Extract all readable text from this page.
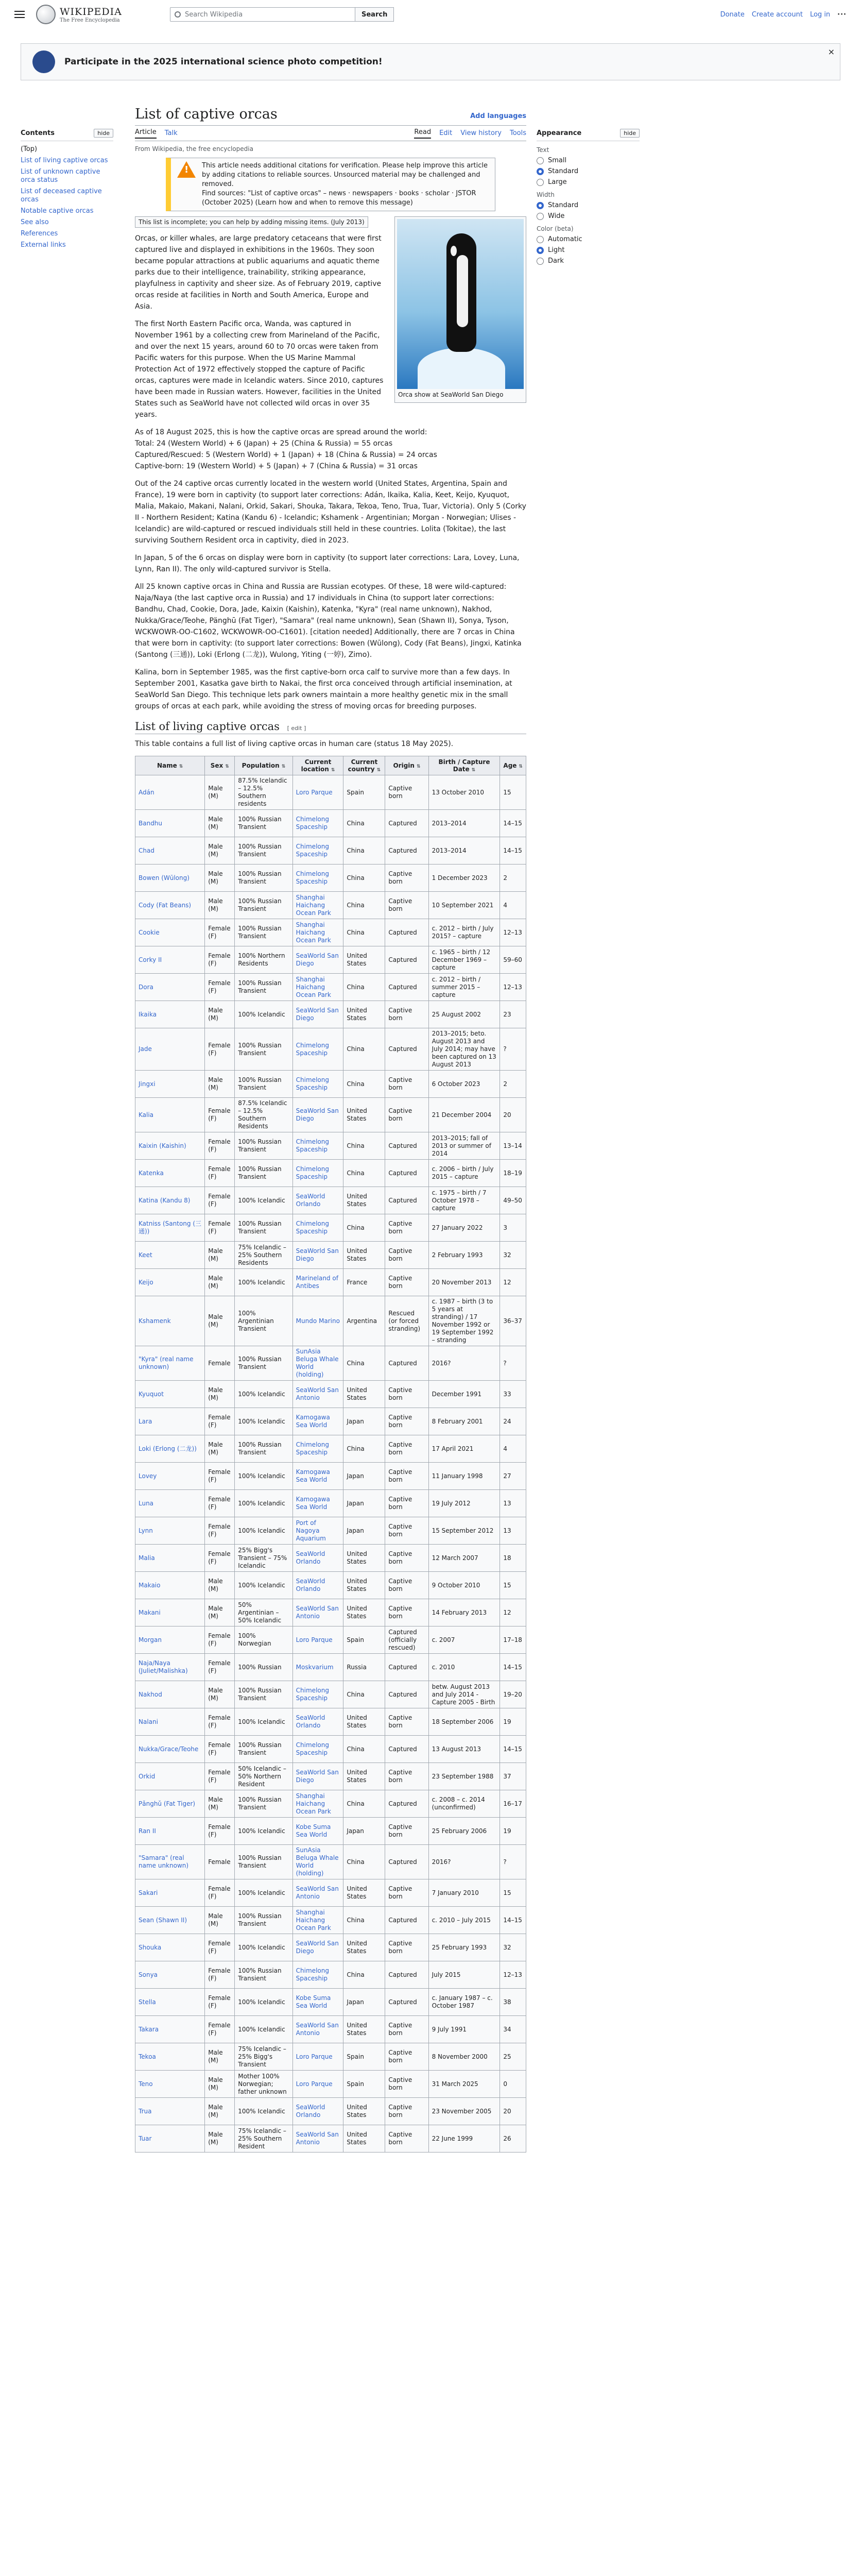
WIKIPEDIA
The Free Encyclopedia
Search Wikipedia	Search	Donate Create account Log in ···
Participate in the 2025 international science photo competition!
×
Contents	hide
(Top)
List of living captive orcas
List of unknown captive orca status
List of deceased captive orcas
Notable captive orcas
See also
References
External links
Appearance	hide
Text
Small
Standard
Large
Width
Standard
Wide
Color (beta)
Automatic
Light
Dark
List of captive orcas	Add languages
Article Talk	Read Edit View history Tools
From Wikipedia, the free encyclopedia
!
This article needs additional citations for verification. Please help improve this article by adding citations to reliable sources. Unsourced material may be challenged and removed.
Find sources: "List of captive orcas" – news · newspapers · books · scholar · JSTOR (October 2025) (Learn how and when to remove this message)
This list is incomplete; you can help by adding missing items. (July 2013)
Orca show at SeaWorld San Diego

Orcas, or killer whales, are large predatory cetaceans that were first captured live and displayed in exhibitions in the 1960s. They soon became popular attractions at public aquariums and aquatic theme parks due to their intelligence, trainability, striking appearance, playfulness in captivity and sheer size. As of February 2019, captive orcas reside at facilities in North and South America, Europe and Asia.

The first North Eastern Pacific orca, Wanda, was captured in November 1961 by a collecting crew from Marineland of the Pacific, and over the next 15 years, around 60 to 70 orcas were taken from Pacific waters for this purpose. When the US Marine Mammal Protection Act of 1972 effectively stopped the capture of Pacific orcas, captures were made in Icelandic waters. Since 2010, captures have been made in Russian waters. However, facilities in the United States such as SeaWorld have not collected wild orcas in over 35 years.

As of 18 August 2025, this is how the captive orcas are spread around the world:
Total: 24 (Western World) + 6 (Japan) + 25 (China & Russia) = 55 orcas
Captured/Rescued: 5 (Western World) + 1 (Japan) + 18 (China & Russia) = 24 orcas
Captive-born: 19 (Western World) + 5 (Japan) + 7 (China & Russia) = 31 orcas

Out of the 24 captive orcas currently located in the western world (United States, Argentina, Spain and France), 19 were born in captivity (to support later corrections: Adán, Ikaika, Kalia, Keet, Keijo, Kyuquot, Malia, Makaio, Makani, Nalani, Orkid, Sakari, Shouka, Takara, Tekoa, Teno, Trua, Tuar, Victoria). Only 5 (Corky II - Northern Resident; Katina (Kandu 6) - Icelandic; Kshamenk - Argentinian; Morgan - Norwegian; Ulises - Icelandic) are wild-captured or rescued individuals still held in these countries. Lolita (Tokitae), the last surviving Southern Resident orca in captivity, died in 2023.

In Japan, 5 of the 6 orcas on display were born in captivity (to support later corrections: Lara, Lovey, Luna, Lynn, Ran II). The only wild-captured survivor is Stella.

All 25 known captive orcas in China and Russia are Russian ecotypes. Of these, 18 were wild-captured: Naja/Naya (the last captive orca in Russia) and 17 individuals in China (to support later corrections: Bandhu, Chad, Cookie, Dora, Jade, Kaixin (Kaishin), Katenka, "Kyra" (real name unknown), Nakhod, Nukka/Grace/Teohe, Pänghū (Fat Tiger), "Samara" (real name unknown), Sean (Shawn II), Sonya, Tyson, WCKWOWR-OO-C1602, WCKWOWR-OO-C1601). [citation needed] Additionally, there are 7 orcas in China that were born in captivity: (to support later corrections: Bowen (Wūlong), Cody (Fat Beans), Jingxi, Katinka (Santong (三通)), Loki (Erlong (二龙)), Wulong, Yiting (一婷), Zimo).

Kalina, born in September 1985, was the first captive-born orca calf to survive more than a few days. In September 2001, Kasatka gave birth to Nakai, the first orca conceived through artificial insemination, at SeaWorld San Diego. This technique lets park owners maintain a more healthy genetic mix in the small groups of orcas at each park, while avoiding the stress of moving orcas for breeding purposes.

List of living captive orcas [ edit ]

This table contains a full list of living captive orcas in human care (status 18 May 2025).

Name ⇅	Sex ⇅	Population ⇅	Current location ⇅	Current country ⇅	Origin ⇅	Birth / Capture Date ⇅	Age ⇅
Adán	Male (M)	87.5% Icelandic – 12.5% Southern residents	Loro Parque	Spain	Captive born	13 October 2010	15
Bandhu	Male (M)	100% Russian Transient	Chimelong Spaceship	China	Captured	2013–2014	14–15
Chad	Male (M)	100% Russian Transient	Chimelong Spaceship	China	Captured	2013–2014	14–15
Bowen (Wūlong)	Male (M)	100% Russian Transient	Chimelong Spaceship	China	Captive born	1 December 2023	2
Cody (Fat Beans)	Male (M)	100% Russian Transient	Shanghai Haichang Ocean Park	China	Captive born	10 September 2021	4
Cookie	Female (F)	100% Russian Transient	Shanghai Haichang Ocean Park	China	Captured	c. 2012 – birth / July 2015? – capture	12–13
Corky II	Female (F)	100% Northern Residents	SeaWorld San Diego	United States	Captured	c. 1965 – birth / 12 December 1969 – capture	59–60
Dora	Female (F)	100% Russian Transient	Shanghai Haichang Ocean Park	China	Captured	c. 2012 – birth / summer 2015 – capture	12–13
Ikaika	Male (M)	100% Icelandic	SeaWorld San Diego	United States	Captive born	25 August 2002	23
Jade	Female (F)	100% Russian Transient	Chimelong Spaceship	China	Captured	2013–2015; beto. August 2013 and July 2014; may have been captured on 13 August 2013	?
Jingxi	Male (M)	100% Russian Transient	Chimelong Spaceship	China	Captive born	6 October 2023	2
Kalia	Female (F)	87.5% Icelandic – 12.5% Southern Residents	SeaWorld San Diego	United States	Captive born	21 December 2004	20
Kaixin (Kaishin)	Female (F)	100% Russian Transient	Chimelong Spaceship	China	Captured	2013–2015; fall of 2013 or summer of 2014	13–14
Katenka	Female (F)	100% Russian Transient	Chimelong Spaceship	China	Captured	c. 2006 – birth / July 2015 – capture	18–19
Katina (Kandu 8)	Female (F)	100% Icelandic	SeaWorld Orlando	United States	Captured	c. 1975 – birth / 7 October 1978 – capture	49–50
Katniss (Santong (三通))	Female (F)	100% Russian Transient	Chimelong Spaceship	China	Captive born	27 January 2022	3
Keet	Male (M)	75% Icelandic – 25% Southern Residents	SeaWorld San Diego	United States	Captive born	2 February 1993	32
Keijo	Male (M)	100% Icelandic	Marineland of Antibes	France	Captive born	20 November 2013	12
Kshamenk	Male (M)	100% Argentinian Transient	Mundo Marino	Argentina	Rescued (or forced stranding)	c. 1987 – birth (3 to 5 years at stranding) / 17 November 1992 or 19 September 1992 – stranding	36–37
"Kyra" (real name unknown)	Female	100% Russian Transient	SunAsia Beluga Whale World (holding)	China	Captured	2016?	?
Kyuquot	Male (M)	100% Icelandic	SeaWorld San Antonio	United States	Captive born	December 1991	33
Lara	Female (F)	100% Icelandic	Kamogawa Sea World	Japan	Captive born	8 February 2001	24
Loki (Erlong (二龙))	Male (M)	100% Russian Transient	Chimelong Spaceship	China	Captive born	17 April 2021	4
Lovey	Female (F)	100% Icelandic	Kamogawa Sea World	Japan	Captive born	11 January 1998	27
Luna	Female (F)	100% Icelandic	Kamogawa Sea World	Japan	Captive born	19 July 2012	13
Lynn	Female (F)	100% Icelandic	Port of Nagoya Aquarium	Japan	Captive born	15 September 2012	13
Malia	Female (F)	25% Bigg's Transient – 75% Icelandic	SeaWorld Orlando	United States	Captive born	12 March 2007	18
Makaio	Male (M)	100% Icelandic	SeaWorld Orlando	United States	Captive born	9 October 2010	15
Makani	Male (M)	50% Argentinian – 50% Icelandic	SeaWorld San Antonio	United States	Captive born	14 February 2013	12
Morgan	Female (F)	100% Norwegian	Loro Parque	Spain	Captured (officially rescued)	c. 2007	17–18
Naja/Naya (Juliet/Malishka)	Female (F)	100% Russian	Moskvarium	Russia	Captured	c. 2010	14–15
Nakhod	Male (M)	100% Russian Transient	Chimelong Spaceship	China	Captured	betw. August 2013 and July 2014 - Capture 2005 - Birth	19–20
Nalani	Female (F)	100% Icelandic	SeaWorld Orlando	United States	Captive born	18 September 2006	19
Nukka/Grace/Teohe	Female (F)	100% Russian Transient	Chimelong Spaceship	China	Captured	13 August 2013	14–15
Orkid	Female (F)	50% Icelandic – 50% Northern Resident	SeaWorld San Diego	United States	Captive born	23 September 1988	37
Pǎnghǔ (Fat Tiger)	Male (M)	100% Russian Transient	Shanghai Haichang Ocean Park	China	Captured	c. 2008 – c. 2014 (unconfirmed)	16–17
Ran II	Female (F)	100% Icelandic	Kobe Suma Sea World	Japan	Captive born	25 February 2006	19
"Samara" (real name unknown)	Female	100% Russian Transient	SunAsia Beluga Whale World (holding)	China	Captured	2016?	?
Sakari	Female (F)	100% Icelandic	SeaWorld San Antonio	United States	Captive born	7 January 2010	15
Sean (Shawn II)	Male (M)	100% Russian Transient	Shanghai Haichang Ocean Park	China	Captured	c. 2010 – July 2015	14–15
Shouka	Female (F)	100% Icelandic	SeaWorld San Diego	United States	Captive born	25 February 1993	32
Sonya	Female (F)	100% Russian Transient	Chimelong Spaceship	China	Captured	July 2015	12–13
Stella	Female (F)	100% Icelandic	Kobe Suma Sea World	Japan	Captured	c. January 1987 – c. October 1987	38
Takara	Female (F)	100% Icelandic	SeaWorld San Antonio	United States	Captive born	9 July 1991	34
Tekoa	Male (M)	75% Icelandic – 25% Bigg's Transient	Loro Parque	Spain	Captive born	8 November 2000	25
Teno	Male (M)	Mother 100% Norwegian; father unknown	Loro Parque	Spain	Captive born	31 March 2025	0
Trua	Male (M)	100% Icelandic	SeaWorld Orlando	United States	Captive born	23 November 2005	20
Tuar	Male (M)	75% Icelandic – 25% Southern Resident	SeaWorld San Antonio	United States	Captive born	22 June 1999	26
